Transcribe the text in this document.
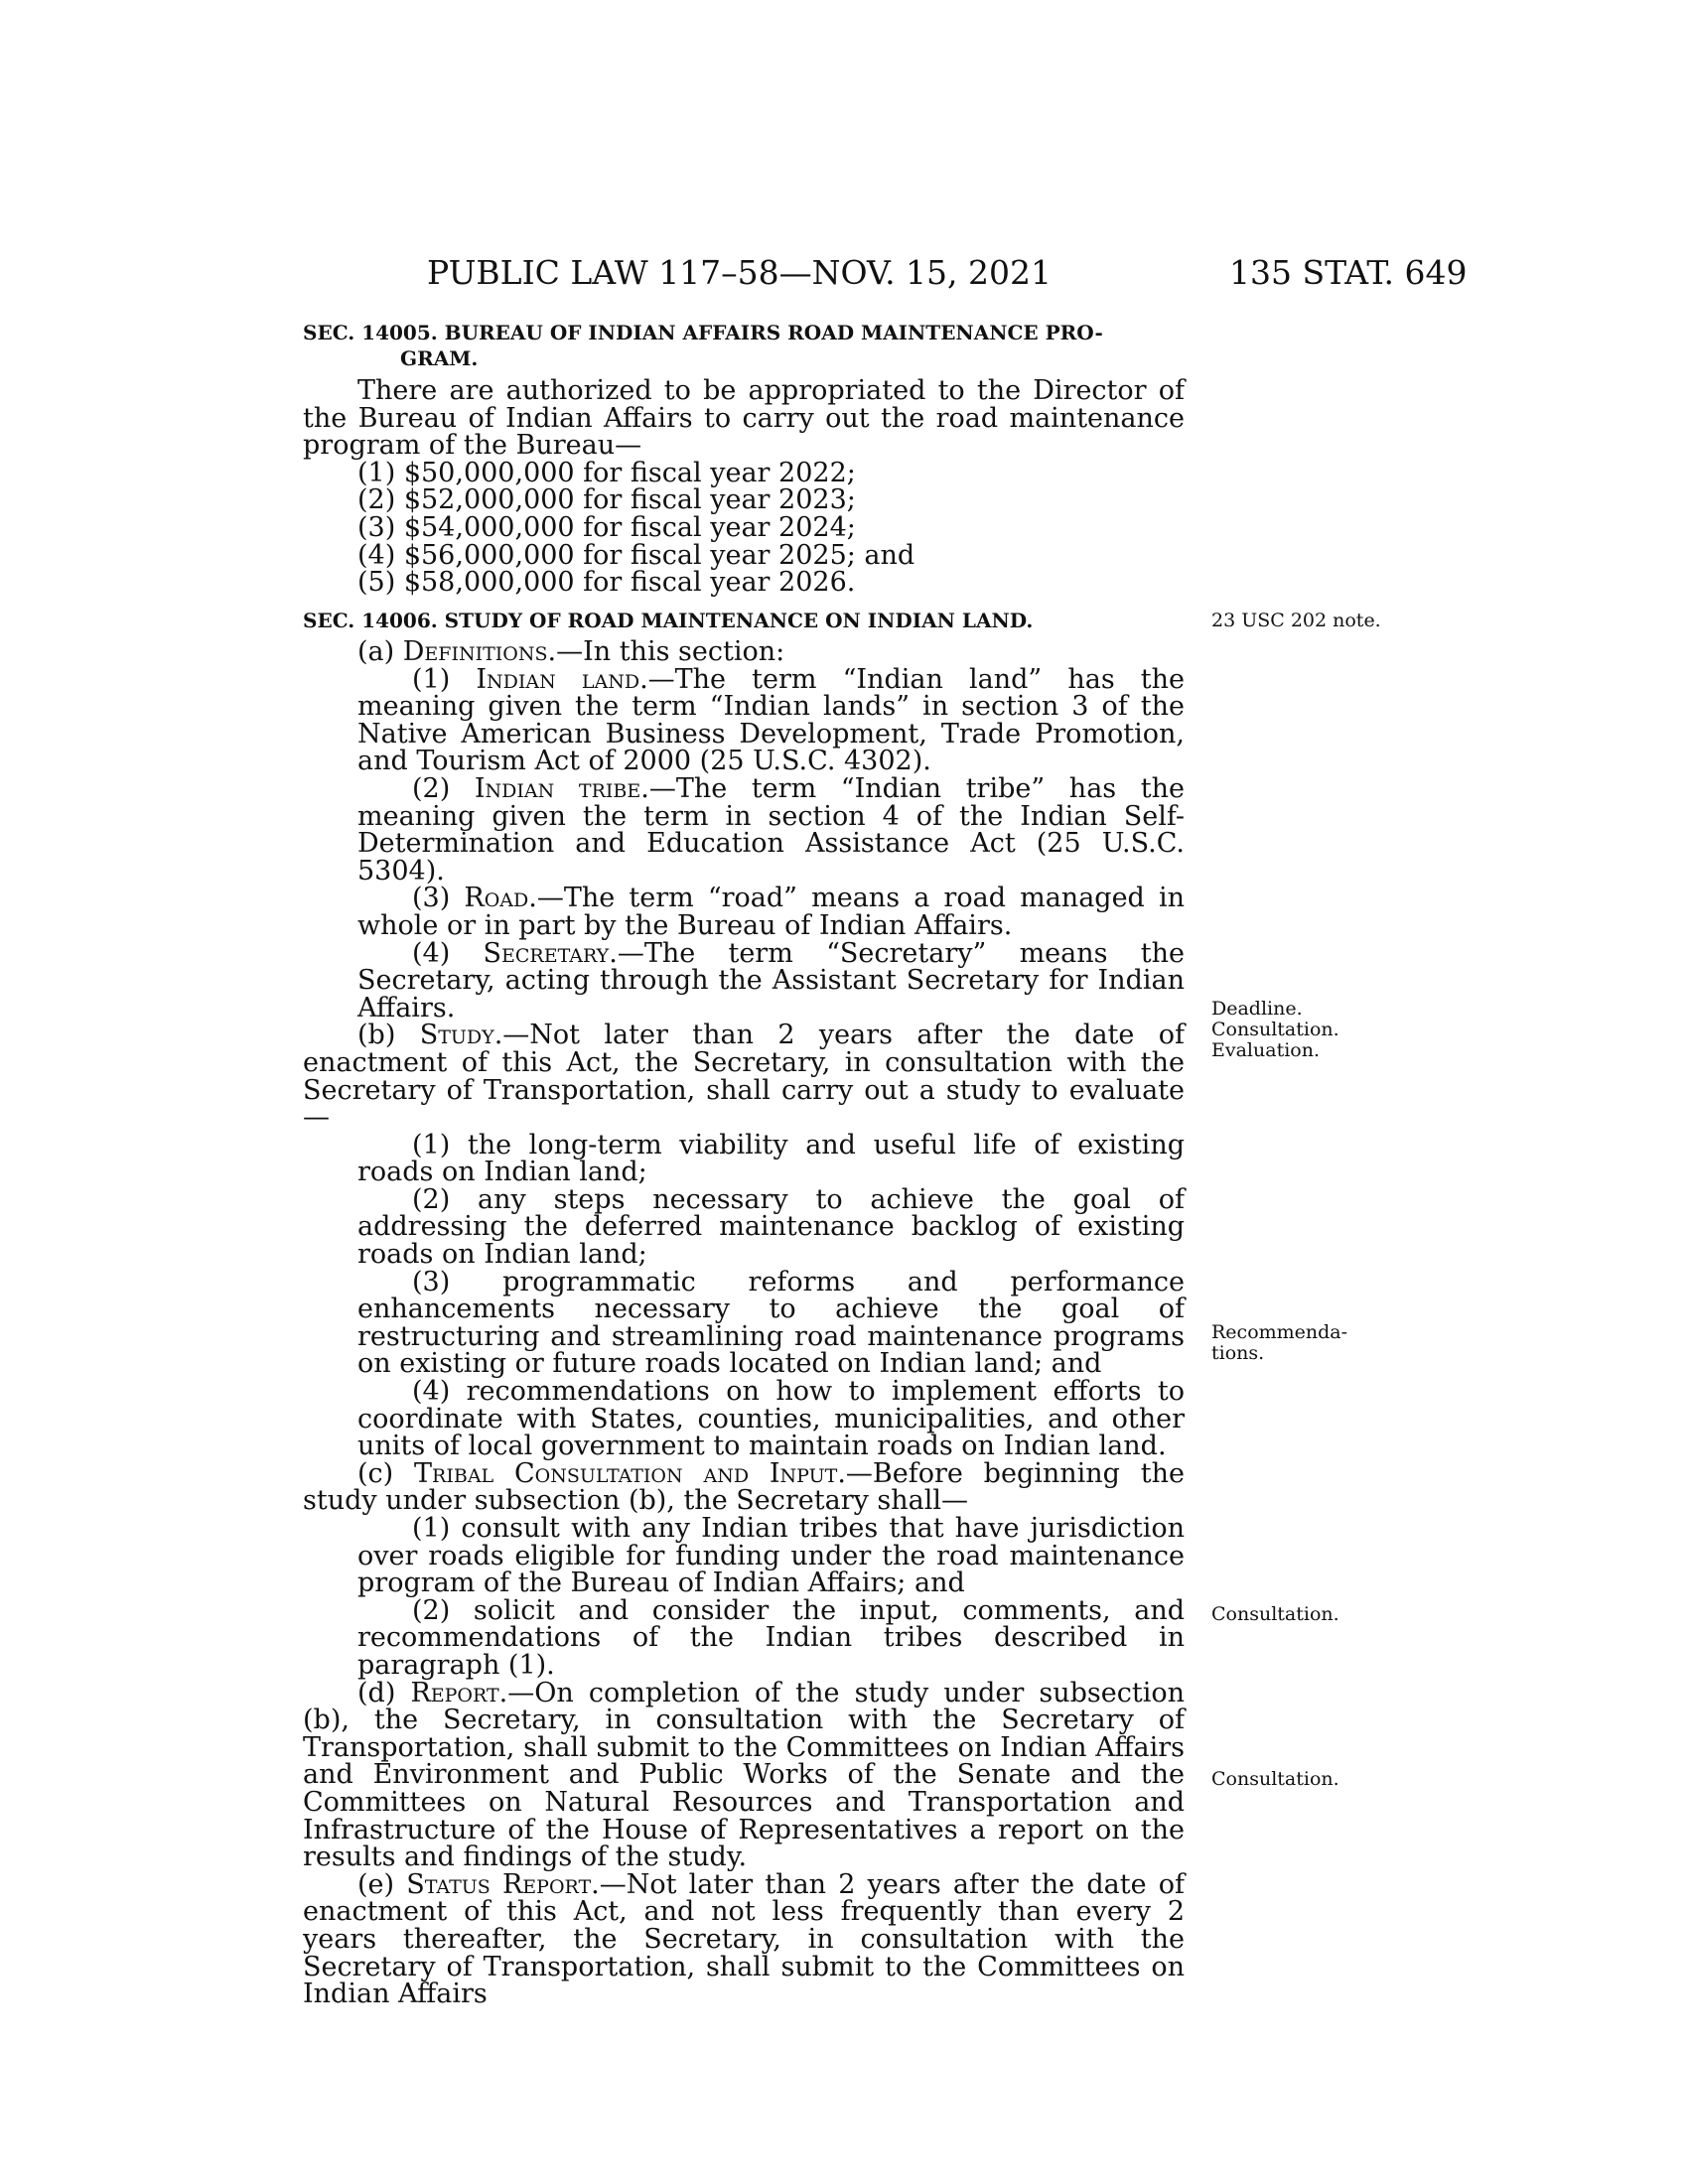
PUBLIC LAW 117–58—NOV. 15, 2021	135 STAT. 649
SEC. 14005. BUREAU OF INDIAN AFFAIRS ROAD MAINTENANCE PRO-
GRAM.

There are authorized to be appropriated to the Director of the Bureau of Indian Affairs to carry out the road maintenance program of the Bureau—

(1) $50,000,000 for fiscal year 2022;

(2) $52,000,000 for fiscal year 2023;

(3) $54,000,000 for fiscal year 2024;

(4) $56,000,000 for fiscal year 2025; and

(5) $58,000,000 for fiscal year 2026.

SEC. 14006. STUDY OF ROAD MAINTENANCE ON INDIAN LAND.

(a) Definitions.—In this section:

(1) Indian land.—The term “Indian land” has the meaning given the term “Indian lands” in section 3 of the Native American Business Development, Trade Promotion, and Tourism Act of 2000 (25 U.S.C. 4302).

(2) Indian tribe.—The term “Indian tribe” has the meaning given the term in section 4 of the Indian Self-Determination and Education Assistance Act (25 U.S.C. 5304).

(3) Road.—The term “road” means a road managed in whole or in part by the Bureau of Indian Affairs.

(4) Secretary.—The term “Secretary” means the Secretary, acting through the Assistant Secretary for Indian Affairs.

(b) Study.—Not later than 2 years after the date of enactment of this Act, the Secretary, in consultation with the Secretary of Transportation, shall carry out a study to evaluate—

(1) the long-term viability and useful life of existing roads on Indian land;

(2) any steps necessary to achieve the goal of addressing the deferred maintenance backlog of existing roads on Indian land;

(3) programmatic reforms and performance enhancements necessary to achieve the goal of restructuring and streamlining road maintenance programs on existing or future roads located on Indian land; and

(4) recommendations on how to implement efforts to coordinate with States, counties, municipalities, and other units of local government to maintain roads on Indian land.

(c) Tribal Consultation and Input.—Before beginning the study under subsection (b), the Secretary shall—

(1) consult with any Indian tribes that have jurisdiction over roads eligible for funding under the road maintenance program of the Bureau of Indian Affairs; and

(2) solicit and consider the input, comments, and recommendations of the Indian tribes described in paragraph (1).

(d) Report.—On completion of the study under subsection (b), the Secretary, in consultation with the Secretary of Transportation, shall submit to the Committees on Indian Affairs and Environment and Public Works of the Senate and the Committees on Natural Resources and Transportation and Infrastructure of the House of Representatives a report on the results and findings of the study.

(e) Status Report.—Not later than 2 years after the date of enactment of this Act, and not less frequently than every 2 years thereafter, the Secretary, in consultation with the Secretary of Transportation, shall submit to the Committees on Indian Affairs

23 USC 202 note.
Deadline.
Consultation.
Evaluation.
Recommenda-
tions.
Consultation.
Consultation.
